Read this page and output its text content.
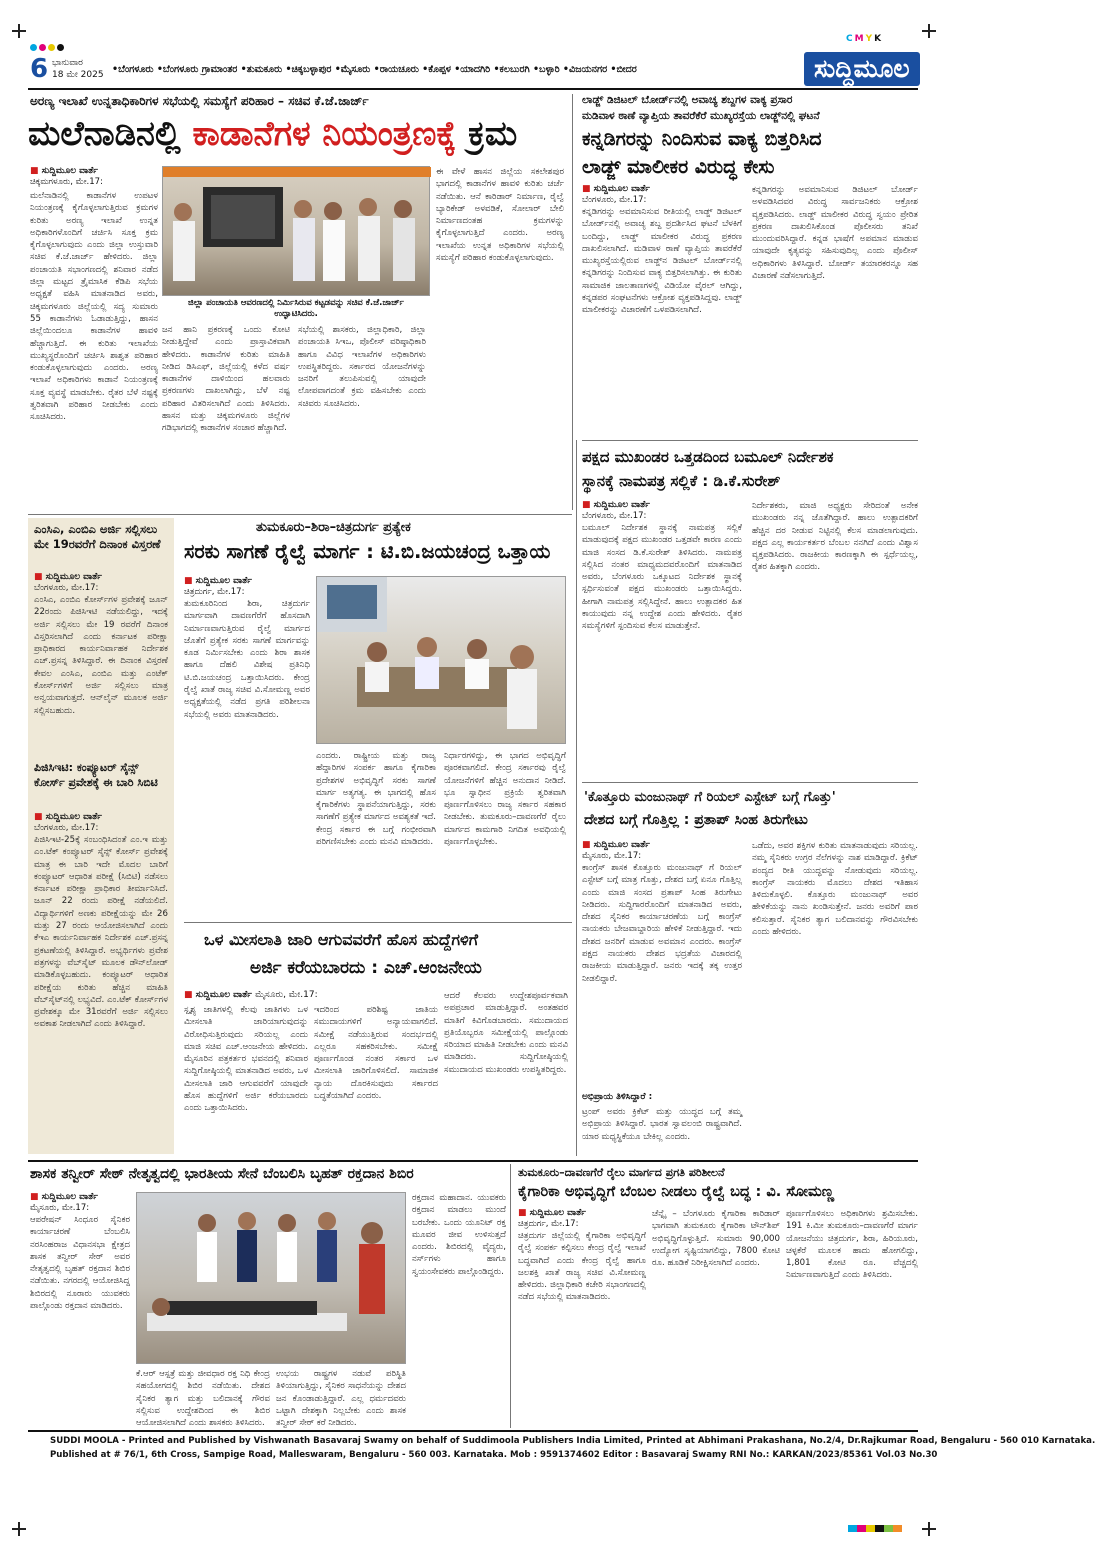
CMYK
6 ಭಾನುವಾರ
18 ಮೇ 2025 •ಬೆಂಗಳೂರು •ಬೆಂಗಳೂರು ಗ್ರಾಮಾಂತರ •ತುಮಕೂರು •ಚಿಕ್ಕಬಳ್ಳಾಪುರ •ಮೈಸೂರು •ರಾಯಚೂರು •ಕೊಪ್ಪಳ •ಯಾದಗಿರಿ •ಕಲಬುರಗಿ •ಬಳ್ಳಾರಿ •ವಿಜಯನಗರ •ಬೀದರ	ಸುದ್ದಿಮೂಲ
ಅರಣ್ಯ ಇಲಾಖೆ ಉನ್ನತಾಧಿಕಾರಿಗಳ ಸಭೆಯಲ್ಲಿ ಸಮಸ್ಯೆಗೆ ಪರಿಹಾರ – ಸಚಿವ ಕೆ.ಜೆ.ಜಾರ್ಜ್
ಮಲೆನಾಡಿನಲ್ಲಿ ಕಾಡಾನೆಗಳ ನಿಯಂತ್ರಣಕ್ಕೆ ಕ್ರಮ
■ ಸುದ್ದಿಮೂಲ ವಾರ್ತೆ
ಚಿಕ್ಕಮಗಳೂರು, ಮೇ.17:
ಮಲೆನಾಡಿನಲ್ಲಿ ಕಾಡಾನೆಗಳ ಉಪಟಳ ನಿಯಂತ್ರಣಕ್ಕೆ ಕೈಗೊಳ್ಳಲಾಗುತ್ತಿರುವ ಕ್ರಮಗಳ ಕುರಿತು ಅರಣ್ಯ ಇಲಾಖೆ ಉನ್ನತ ಅಧಿಕಾರಿಗಳೊಂದಿಗೆ ಚರ್ಚಿಸಿ ಸೂಕ್ತ ಕ್ರಮ ಕೈಗೊಳ್ಳಲಾಗುವುದು ಎಂದು ಜಿಲ್ಲಾ ಉಸ್ತುವಾರಿ ಸಚಿವ ಕೆ.ಜೆ.ಜಾರ್ಜ್ ಹೇಳಿದರು. ಜಿಲ್ಲಾ ಪಂಚಾಯತಿ ಸಭಾಂಗಣದಲ್ಲಿ ಶನಿವಾರ ನಡೆದ ಜಿಲ್ಲಾ ಮಟ್ಟದ ತ್ರೈಮಾಸಿಕ ಕೆಡಿಪಿ ಸಭೆಯ ಅಧ್ಯಕ್ಷತೆ ವಹಿಸಿ ಮಾತನಾಡಿದ ಅವರು, ಚಿಕ್ಕಮಗಳೂರು ಜಿಲ್ಲೆಯಲ್ಲಿ ಸದ್ಯ ಸುಮಾರು 55 ಕಾಡಾನೆಗಳು ಓಡಾಡುತ್ತಿದ್ದು, ಹಾಸನ ಜಿಲ್ಲೆಯಿಂದಲೂ ಕಾಡಾನೆಗಳ ಹಾವಳಿ ಹೆಚ್ಚಾಗುತ್ತಿದೆ. ಈ ಕುರಿತು ಇಲಾಖೆಯ ಮುಖ್ಯಸ್ಥರೊಂದಿಗೆ ಚರ್ಚಿಸಿ ಶಾಶ್ವತ ಪರಿಹಾರ ಕಂಡುಕೊಳ್ಳಲಾಗುವುದು ಎಂದರು. ಅರಣ್ಯ ಇಲಾಖೆ ಅಧಿಕಾರಿಗಳು ಕಾಡಾನೆ ನಿಯಂತ್ರಣಕ್ಕೆ ಸೂಕ್ತ ವ್ಯವಸ್ಥೆ ಮಾಡಬೇಕು. ರೈತರ ಬೆಳೆ ನಷ್ಟಕ್ಕೆ ತ್ವರಿತವಾಗಿ ಪರಿಹಾರ ನೀಡಬೇಕು ಎಂದು ಸೂಚಿಸಿದರು.
ಜಿಲ್ಲಾ ಪಂಚಾಯತಿ ಆವರಣದಲ್ಲಿ ನಿರ್ಮಿಸಿರುವ ಕಟ್ಟಡವನ್ನು ಸಚಿವ ಕೆ.ಜೆ.ಜಾರ್ಜ್ ಉದ್ಘಾಟಿಸಿದರು.
ಜನ ಹಾನಿ ಪ್ರಕರಣಕ್ಕೆ ಒಂದು ಕೋಟಿ ನೀಡುತ್ತಿದ್ದೇವೆ ಎಂದು ಪ್ರಾಸ್ತಾವಿಕವಾಗಿ ಹೇಳಿದರು. ಕಾಡಾನೆಗಳ ಕುರಿತು ಮಾಹಿತಿ ನೀಡಿದ ಡಿಸಿಎಫ್, ಜಿಲ್ಲೆಯಲ್ಲಿ ಕಳೆದ ವರ್ಷ ಕಾಡಾನೆಗಳ ದಾಳಿಯಿಂದ ಹಲವಾರು ಪ್ರಕರಣಗಳು ದಾಖಲಾಗಿದ್ದು, ಬೆಳೆ ನಷ್ಟ ಪರಿಹಾರ ವಿತರಿಸಲಾಗಿದೆ ಎಂದು ತಿಳಿಸಿದರು. ಹಾಸನ ಮತ್ತು ಚಿಕ್ಕಮಗಳೂರು ಜಿಲ್ಲೆಗಳ ಗಡಿಭಾಗದಲ್ಲಿ ಕಾಡಾನೆಗಳ ಸಂಚಾರ ಹೆಚ್ಚಾಗಿದೆ.
ಸಭೆಯಲ್ಲಿ ಶಾಸಕರು, ಜಿಲ್ಲಾಧಿಕಾರಿ, ಜಿಲ್ಲಾ ಪಂಚಾಯತಿ ಸಿಇಒ, ಪೊಲೀಸ್ ವರಿಷ್ಠಾಧಿಕಾರಿ ಹಾಗೂ ವಿವಿಧ ಇಲಾಖೆಗಳ ಅಧಿಕಾರಿಗಳು ಉಪಸ್ಥಿತರಿದ್ದರು. ಸರ್ಕಾರದ ಯೋಜನೆಗಳನ್ನು ಜನರಿಗೆ ತಲುಪಿಸುವಲ್ಲಿ ಯಾವುದೇ ಲೋಪವಾಗದಂತೆ ಕ್ರಮ ವಹಿಸಬೇಕು ಎಂದು ಸಚಿವರು ಸೂಚಿಸಿದರು.
ಈ ವೇಳೆ ಹಾಸನ ಜಿಲ್ಲೆಯ ಸಕಲೇಶಪುರ ಭಾಗದಲ್ಲಿ ಕಾಡಾನೆಗಳ ಹಾವಳಿ ಕುರಿತು ಚರ್ಚೆ ನಡೆಯಿತು. ಆನೆ ಕಾರಿಡಾರ್ ನಿರ್ಮಾಣ, ರೈಲ್ವೆ ಬ್ಯಾರಿಕೇಡ್ ಅಳವಡಿಕೆ, ಸೋಲಾರ್ ಬೇಲಿ ನಿರ್ಮಾಣದಂತಹ ಕ್ರಮಗಳನ್ನು ಕೈಗೊಳ್ಳಲಾಗುತ್ತಿದೆ ಎಂದರು. ಅರಣ್ಯ ಇಲಾಖೆಯ ಉನ್ನತ ಅಧಿಕಾರಿಗಳ ಸಭೆಯಲ್ಲಿ ಸಮಸ್ಯೆಗೆ ಪರಿಹಾರ ಕಂಡುಕೊಳ್ಳಲಾಗುವುದು.
ಲಾಡ್ಜ್ ಡಿಜಿಟಲ್ ಬೋರ್ಡ್‌ನಲ್ಲಿ ಅವಾಚ್ಯ ಶಬ್ದಗಳ ವಾಕ್ಯ ಪ್ರಸಾರ
ಮಡಿವಾಳ ಠಾಣೆ ವ್ಯಾಪ್ತಿಯ ತಾವರೆಕೆರೆ ಮುಖ್ಯರಸ್ತೆಯ ಲಾಡ್ಜ್‌ನಲ್ಲಿ ಘಟನೆ
ಕನ್ನಡಿಗರನ್ನು ನಿಂದಿಸುವ ವಾಕ್ಯ ಬಿತ್ತರಿಸಿದ
ಲಾಡ್ಜ್ ಮಾಲೀಕರ ವಿರುದ್ಧ ಕೇಸು
■ ಸುದ್ದಿಮೂಲ ವಾರ್ತೆ
ಬೆಂಗಳೂರು, ಮೇ.17:
ಕನ್ನಡಿಗರನ್ನು ಅವಮಾನಿಸುವ ರೀತಿಯಲ್ಲಿ ಲಾಡ್ಜ್ ಡಿಜಿಟಲ್ ಬೋರ್ಡ್‌ನಲ್ಲಿ ಅವಾಚ್ಯ ಶಬ್ದ ಪ್ರದರ್ಶಿಸಿದ ಘಟನೆ ಬೆಳಕಿಗೆ ಬಂದಿದ್ದು, ಲಾಡ್ಜ್ ಮಾಲೀಕರ ವಿರುದ್ಧ ಪ್ರಕರಣ ದಾಖಲಿಸಲಾಗಿದೆ. ಮಡಿವಾಳ ಠಾಣೆ ವ್ಯಾಪ್ತಿಯ ತಾವರೆಕೆರೆ ಮುಖ್ಯರಸ್ತೆಯಲ್ಲಿರುವ ಲಾಡ್ಜ್‌ನ ಡಿಜಿಟಲ್ ಬೋರ್ಡ್‌ನಲ್ಲಿ ಕನ್ನಡಿಗರನ್ನು ನಿಂದಿಸುವ ವಾಕ್ಯ ಬಿತ್ತರಿಸಲಾಗಿತ್ತು. ಈ ಕುರಿತು ಸಾಮಾಜಿಕ ಜಾಲತಾಣಗಳಲ್ಲಿ ವಿಡಿಯೋ ವೈರಲ್ ಆಗಿದ್ದು, ಕನ್ನಡಪರ ಸಂಘಟನೆಗಳು ಆಕ್ರೋಶ ವ್ಯಕ್ತಪಡಿಸಿದ್ದವು. ಲಾಡ್ಜ್ ಮಾಲೀಕರನ್ನು ವಿಚಾರಣೆಗೆ ಒಳಪಡಿಸಲಾಗಿದೆ.
ಕನ್ನಡಿಗರನ್ನು ಅವಮಾನಿಸುವ ಡಿಜಿಟಲ್ ಬೋರ್ಡ್ ಅಳವಡಿಸಿದವರ ವಿರುದ್ಧ ಸಾರ್ವಜನಿಕರು ಆಕ್ರೋಶ ವ್ಯಕ್ತಪಡಿಸಿದರು. ಲಾಡ್ಜ್ ಮಾಲೀಕರ ವಿರುದ್ಧ ಸ್ವಯಂ ಪ್ರೇರಿತ ಪ್ರಕರಣ ದಾಖಲಿಸಿಕೊಂಡ ಪೊಲೀಸರು ತನಿಖೆ ಮುಂದುವರಿಸಿದ್ದಾರೆ. ಕನ್ನಡ ಭಾಷೆಗೆ ಅಪಮಾನ ಮಾಡುವ ಯಾವುದೇ ಕೃತ್ಯವನ್ನು ಸಹಿಸುವುದಿಲ್ಲ ಎಂದು ಪೊಲೀಸ್ ಅಧಿಕಾರಿಗಳು ತಿಳಿಸಿದ್ದಾರೆ. ಬೋರ್ಡ್ ತಯಾರಕರನ್ನೂ ಸಹ ವಿಚಾರಣೆ ನಡೆಸಲಾಗುತ್ತಿದೆ.
ಪಕ್ಷದ ಮುಖಂಡರ ಒತ್ತಡದಿಂದ ಬಮೂಲ್ ನಿರ್ದೇಶಕ
ಸ್ಥಾನಕ್ಕೆ ನಾಮಪತ್ರ ಸಲ್ಲಿಕೆ : ಡಿ.ಕೆ.ಸುರೇಶ್
■ ಸುದ್ದಿಮೂಲ ವಾರ್ತೆ
ಬೆಂಗಳೂರು, ಮೇ.17:
ಬಮೂಲ್ ನಿರ್ದೇಶಕ ಸ್ಥಾನಕ್ಕೆ ನಾಮಪತ್ರ ಸಲ್ಲಿಕೆ ಮಾಡುವುದಕ್ಕೆ ಪಕ್ಷದ ಮುಖಂಡರ ಒತ್ತಡವೇ ಕಾರಣ ಎಂದು ಮಾಜಿ ಸಂಸದ ಡಿ.ಕೆ.ಸುರೇಶ್ ತಿಳಿಸಿದರು. ನಾಮಪತ್ರ ಸಲ್ಲಿಸಿದ ನಂತರ ಮಾಧ್ಯಮದವರೊಂದಿಗೆ ಮಾತನಾಡಿದ ಅವರು, ಬೆಂಗಳೂರು ಒಕ್ಕೂಟದ ನಿರ್ದೇಶಕ ಸ್ಥಾನಕ್ಕೆ ಸ್ಪರ್ಧಿಸುವಂತೆ ಪಕ್ಷದ ಮುಖಂಡರು ಒತ್ತಾಯಿಸಿದ್ದರು. ಹೀಗಾಗಿ ನಾಮಪತ್ರ ಸಲ್ಲಿಸಿದ್ದೇನೆ. ಹಾಲು ಉತ್ಪಾದಕರ ಹಿತ ಕಾಯುವುದು ನನ್ನ ಉದ್ದೇಶ ಎಂದು ಹೇಳಿದರು. ರೈತರ ಸಮಸ್ಯೆಗಳಿಗೆ ಸ್ಪಂದಿಸುವ ಕೆಲಸ ಮಾಡುತ್ತೇನೆ.
ನಿರ್ದೇಶಕರು, ಮಾಜಿ ಅಧ್ಯಕ್ಷರು ಸೇರಿದಂತೆ ಅನೇಕ ಮುಖಂಡರು ನನ್ನ ಜೊತೆಗಿದ್ದಾರೆ. ಹಾಲು ಉತ್ಪಾದಕರಿಗೆ ಹೆಚ್ಚಿನ ದರ ನೀಡುವ ನಿಟ್ಟಿನಲ್ಲಿ ಕೆಲಸ ಮಾಡಲಾಗುವುದು. ಪಕ್ಷದ ಎಲ್ಲ ಕಾರ್ಯಕರ್ತರ ಬೆಂಬಲ ನನಗಿದೆ ಎಂದು ವಿಶ್ವಾಸ ವ್ಯಕ್ತಪಡಿಸಿದರು. ರಾಜಕೀಯ ಕಾರಣಕ್ಕಾಗಿ ಈ ಸ್ಪರ್ಧೆಯಲ್ಲ, ರೈತರ ಹಿತಕ್ಕಾಗಿ ಎಂದರು.
'ಕೊತ್ತೂರು ಮಂಜುನಾಥ್ ಗೆ ರಿಯಲ್ ಎಸ್ಟೇಟ್ ಬಗ್ಗೆ ಗೊತ್ತು'
ದೇಶದ ಬಗ್ಗೆ ಗೊತ್ತಿಲ್ಲ : ಪ್ರತಾಪ್ ಸಿಂಹ ತಿರುಗೇಟು
■ ಸುದ್ದಿಮೂಲ ವಾರ್ತೆ
ಮೈಸೂರು, ಮೇ.17:
ಕಾಂಗ್ರೆಸ್ ಶಾಸಕ ಕೊತ್ತೂರು ಮಂಜುನಾಥ್ ಗೆ ರಿಯಲ್ ಎಸ್ಟೇಟ್ ಬಗ್ಗೆ ಮಾತ್ರ ಗೊತ್ತು, ದೇಶದ ಬಗ್ಗೆ ಏನೂ ಗೊತ್ತಿಲ್ಲ ಎಂದು ಮಾಜಿ ಸಂಸದ ಪ್ರತಾಪ್ ಸಿಂಹ ತಿರುಗೇಟು ನೀಡಿದರು. ಸುದ್ದಿಗಾರರೊಂದಿಗೆ ಮಾತನಾಡಿದ ಅವರು, ದೇಶದ ಸೈನಿಕರ ಕಾರ್ಯಾಚರಣೆಯ ಬಗ್ಗೆ ಕಾಂಗ್ರೆಸ್ ನಾಯಕರು ಬೇಜವಾಬ್ದಾರಿಯ ಹೇಳಿಕೆ ನೀಡುತ್ತಿದ್ದಾರೆ. ಇದು ದೇಶದ ಜನರಿಗೆ ಮಾಡುವ ಅವಮಾನ ಎಂದರು. ಕಾಂಗ್ರೆಸ್ ಪಕ್ಷದ ನಾಯಕರು ದೇಶದ ಭದ್ರತೆಯ ವಿಚಾರದಲ್ಲಿ ರಾಜಕೀಯ ಮಾಡುತ್ತಿದ್ದಾರೆ. ಜನರು ಇದಕ್ಕೆ ತಕ್ಕ ಉತ್ತರ ನೀಡಲಿದ್ದಾರೆ.
ಅಭಿಪ್ರಾಯ ತಿಳಿಸಿದ್ದಾರೆ :
ಟ್ರಂಪ್ ಅವರು ಕ್ರಿಕೆಟ್ ಮತ್ತು ಯುದ್ಧದ ಬಗ್ಗೆ ತಮ್ಮ ಅಭಿಪ್ರಾಯ ತಿಳಿಸಿದ್ದಾರೆ. ಭಾರತ ಸ್ವಾವಲಂಬಿ ರಾಷ್ಟ್ರವಾಗಿದೆ. ಯಾರ ಮಧ್ಯಸ್ಥಿಕೆಯೂ ಬೇಕಿಲ್ಲ ಎಂದರು.
ಒಡೆದು, ಅವರ ಶಕ್ತಿಗಳ ಕುರಿತು ಮಾತನಾಡುವುದು ಸರಿಯಲ್ಲ. ನಮ್ಮ ಸೈನಿಕರು ಉಗ್ರರ ನೆಲೆಗಳನ್ನು ನಾಶ ಮಾಡಿದ್ದಾರೆ. ಕ್ರಿಕೆಟ್ ಪಂದ್ಯದ ರೀತಿ ಯುದ್ಧವನ್ನು ನೋಡುವುದು ಸರಿಯಲ್ಲ. ಕಾಂಗ್ರೆಸ್ ನಾಯಕರು ಮೊದಲು ದೇಶದ ಇತಿಹಾಸ ತಿಳಿದುಕೊಳ್ಳಲಿ. ಕೊತ್ತೂರು ಮಂಜುನಾಥ್ ಅವರ ಹೇಳಿಕೆಯನ್ನು ನಾನು ಖಂಡಿಸುತ್ತೇನೆ. ಜನರು ಅವರಿಗೆ ಪಾಠ ಕಲಿಸುತ್ತಾರೆ. ಸೈನಿಕರ ತ್ಯಾಗ ಬಲಿದಾನವನ್ನು ಗೌರವಿಸಬೇಕು ಎಂದು ಹೇಳಿದರು.
ಎಂಸಿಎ, ಎಂಬಿಎ ಅರ್ಜಿ ಸಲ್ಲಿಸಲು ಮೇ 19ರವರೆಗೆ ದಿನಾಂಕ ವಿಸ್ತರಣೆ
■ ಸುದ್ದಿಮೂಲ ವಾರ್ತೆ
ಬೆಂಗಳೂರು, ಮೇ.17:
ಎಂಸಿಎ, ಎಂಬಿಎ ಕೋರ್ಸ್‌ಗಳ ಪ್ರವೇಶಕ್ಕೆ ಜೂನ್ 22ರಂದು ಪಿಜಿಸಿಇಟಿ ನಡೆಯಲಿದ್ದು, ಇದಕ್ಕೆ ಅರ್ಜಿ ಸಲ್ಲಿಸಲು ಮೇ 19 ರವರೆಗೆ ದಿನಾಂಕ ವಿಸ್ತರಿಸಲಾಗಿದೆ ಎಂದು ಕರ್ನಾಟಕ ಪರೀಕ್ಷಾ ಪ್ರಾಧಿಕಾರದ ಕಾರ್ಯನಿರ್ವಾಹಕ ನಿರ್ದೇಶಕ ಎಚ್.ಪ್ರಸನ್ನ ತಿಳಿಸಿದ್ದಾರೆ. ಈ ದಿನಾಂಕ ವಿಸ್ತರಣೆ ಕೇವಲ ಎಂಸಿಎ, ಎಂಬಿಎ ಮತ್ತು ಎಂಟೆಕ್ ಕೋರ್ಸ್‌ಗಳಿಗೆ ಅರ್ಜಿ ಸಲ್ಲಿಸಲು ಮಾತ್ರ ಅನ್ವಯವಾಗುತ್ತದೆ. ಆನ್‌ಲೈನ್ ಮೂಲಕ ಅರ್ಜಿ ಸಲ್ಲಿಸಬಹುದು.
ಪಿಜಿಸಿಇಟಿ: ಕಂಪ್ಯೂಟರ್ ಸೈನ್ಸ್ ಕೋರ್ಸ್ ಪ್ರವೇಶಕ್ಕೆ ಈ ಬಾರಿ ಸಿಬಿಟಿ
■ ಸುದ್ದಿಮೂಲ ವಾರ್ತೆ
ಬೆಂಗಳೂರು, ಮೇ.17:
ಪಿಜಿಸಿಇಟಿ-25ಕ್ಕೆ ಸಂಬಂಧಿಸಿದಂತೆ ಎಂ.ಇ ಮತ್ತು ಎಂ.ಟೆಕ್ ಕಂಪ್ಯೂಟರ್ ಸೈನ್ಸ್ ಕೋರ್ಸ್ ಪ್ರವೇಶಕ್ಕೆ ಮಾತ್ರ ಈ ಬಾರಿ ಇದೇ ಮೊದಲ ಬಾರಿಗೆ ಕಂಪ್ಯೂಟರ್ ಆಧಾರಿತ ಪರೀಕ್ಷೆ (ಸಿಬಿಟಿ) ನಡೆಸಲು ಕರ್ನಾಟಕ ಪರೀಕ್ಷಾ ಪ್ರಾಧಿಕಾರ ತೀರ್ಮಾನಿಸಿದೆ. ಜೂನ್ 22 ರಂದು ಪರೀಕ್ಷೆ ನಡೆಯಲಿದೆ. ವಿದ್ಯಾರ್ಥಿಗಳಿಗೆ ಅಣಕು ಪರೀಕ್ಷೆಯನ್ನು ಮೇ 26 ಮತ್ತು 27 ರಂದು ಆಯೋಜಿಸಲಾಗಿದೆ ಎಂದು ಕೆಇಎ ಕಾರ್ಯನಿರ್ವಾಹಕ ನಿರ್ದೇಶಕ ಎಚ್.ಪ್ರಸನ್ನ ಪ್ರಕಟಣೆಯಲ್ಲಿ ತಿಳಿಸಿದ್ದಾರೆ. ಅಭ್ಯರ್ಥಿಗಳು ಪ್ರವೇಶ ಪತ್ರಗಳನ್ನು ವೆಬ್‌ಸೈಟ್ ಮೂಲಕ ಡೌನ್‌ಲೋಡ್ ಮಾಡಿಕೊಳ್ಳಬಹುದು. ಕಂಪ್ಯೂಟರ್ ಆಧಾರಿತ ಪರೀಕ್ಷೆಯ ಕುರಿತು ಹೆಚ್ಚಿನ ಮಾಹಿತಿ ವೆಬ್‌ಸೈಟ್‌ನಲ್ಲಿ ಲಭ್ಯವಿದೆ. ಎಂ.ಟೆಕ್ ಕೋರ್ಸ್‌ಗಳ ಪ್ರವೇಶಕ್ಕೂ ಮೇ 31ರವರೆಗೆ ಅರ್ಜಿ ಸಲ್ಲಿಸಲು ಅವಕಾಶ ನೀಡಲಾಗಿದೆ ಎಂದು ತಿಳಿಸಿದ್ದಾರೆ.
ತುಮಕೂರು–ಶಿರಾ–ಚಿತ್ರದುರ್ಗ ಪ್ರತ್ಯೇಕ
ಸರಕು ಸಾಗಣೆ ರೈಲ್ವೆ ಮಾರ್ಗ : ಟಿ.ಬಿ.ಜಯಚಂದ್ರ ಒತ್ತಾಯ
■ ಸುದ್ದಿಮೂಲ ವಾರ್ತೆ
ಚಿತ್ರದುರ್ಗ, ಮೇ.17:
ತುಮಕೂರಿನಿಂದ ಶಿರಾ, ಚಿತ್ರದುರ್ಗ ಮಾರ್ಗವಾಗಿ ದಾವಣಗೆರೆಗೆ ಹೊಸದಾಗಿ ನಿರ್ಮಾಣವಾಗುತ್ತಿರುವ ರೈಲ್ವೆ ಮಾರ್ಗದ ಜೊತೆಗೆ ಪ್ರತ್ಯೇಕ ಸರಕು ಸಾಗಣೆ ಮಾರ್ಗವನ್ನು ಕೂಡ ನಿರ್ಮಿಸಬೇಕು ಎಂದು ಶಿರಾ ಶಾಸಕ ಹಾಗೂ ದೆಹಲಿ ವಿಶೇಷ ಪ್ರತಿನಿಧಿ ಟಿ.ಬಿ.ಜಯಚಂದ್ರ ಒತ್ತಾಯಿಸಿದರು. ಕೇಂದ್ರ ರೈಲ್ವೆ ಖಾತೆ ರಾಜ್ಯ ಸಚಿವ ವಿ.ಸೋಮಣ್ಣ ಅವರ ಅಧ್ಯಕ್ಷತೆಯಲ್ಲಿ ನಡೆದ ಪ್ರಗತಿ ಪರಿಶೀಲನಾ ಸಭೆಯಲ್ಲಿ ಅವರು ಮಾತನಾಡಿದರು.
ಎಂದರು. ರಾಷ್ಟ್ರೀಯ ಮತ್ತು ರಾಜ್ಯ ಹೆದ್ದಾರಿಗಳ ಸಂಪರ್ಕ ಹಾಗೂ ಕೈಗಾರಿಕಾ ಪ್ರದೇಶಗಳ ಅಭಿವೃದ್ಧಿಗೆ ಸರಕು ಸಾಗಣೆ ಮಾರ್ಗ ಅತ್ಯಗತ್ಯ. ಈ ಭಾಗದಲ್ಲಿ ಹೊಸ ಕೈಗಾರಿಕೆಗಳು ಸ್ಥಾಪನೆಯಾಗುತ್ತಿದ್ದು, ಸರಕು ಸಾಗಣೆಗೆ ಪ್ರತ್ಯೇಕ ಮಾರ್ಗದ ಅವಶ್ಯಕತೆ ಇದೆ. ಕೇಂದ್ರ ಸರ್ಕಾರ ಈ ಬಗ್ಗೆ ಗಂಭೀರವಾಗಿ ಪರಿಗಣಿಸಬೇಕು ಎಂದು ಮನವಿ ಮಾಡಿದರು.
ನಿರ್ಧಾರಗಳಿದ್ದು, ಈ ಭಾಗದ ಅಭಿವೃದ್ಧಿಗೆ ಪೂರಕವಾಗಲಿದೆ. ಕೇಂದ್ರ ಸರ್ಕಾರವು ರೈಲ್ವೆ ಯೋಜನೆಗಳಿಗೆ ಹೆಚ್ಚಿನ ಅನುದಾನ ನೀಡಿದೆ. ಭೂ ಸ್ವಾಧೀನ ಪ್ರಕ್ರಿಯೆ ತ್ವರಿತವಾಗಿ ಪೂರ್ಣಗೊಳಿಸಲು ರಾಜ್ಯ ಸರ್ಕಾರ ಸಹಕಾರ ನೀಡಬೇಕು. ತುಮಕೂರು–ದಾವಣಗೆರೆ ರೈಲು ಮಾರ್ಗದ ಕಾಮಗಾರಿ ನಿಗದಿತ ಅವಧಿಯಲ್ಲಿ ಪೂರ್ಣಗೊಳ್ಳಬೇಕು.
ಒಳ ಮೀಸಲಾತಿ ಜಾರಿ ಆಗುವವರೆಗೆ ಹೊಸ ಹುದ್ದೆಗಳಿಗೆ
ಅರ್ಜಿ ಕರೆಯಬಾರದು : ಎಚ್.ಆಂಜನೇಯ
■ ಸುದ್ದಿಮೂಲ ವಾರ್ತೆ ಮೈಸೂರು, ಮೇ.17:
ಸ್ಪೃಶ್ಯ ಜಾತಿಗಳಲ್ಲಿ ಕೆಲವು ಜಾತಿಗಳು ಒಳ ಮೀಸಲಾತಿ ಜಾರಿಯಾಗುವುದನ್ನು ವಿರೋಧಿಸುತ್ತಿರುವುದು ಸರಿಯಲ್ಲ ಎಂದು ಮಾಜಿ ಸಚಿವ ಎಚ್.ಆಂಜನೇಯ ಹೇಳಿದರು. ಮೈಸೂರಿನ ಪತ್ರಕರ್ತರ ಭವನದಲ್ಲಿ ಶನಿವಾರ ಸುದ್ದಿಗೋಷ್ಠಿಯಲ್ಲಿ ಮಾತನಾಡಿದ ಅವರು, ಒಳ ಮೀಸಲಾತಿ ಜಾರಿ ಆಗುವವರೆಗೆ ಯಾವುದೇ ಹೊಸ ಹುದ್ದೆಗಳಿಗೆ ಅರ್ಜಿ ಕರೆಯಬಾರದು ಎಂದು ಒತ್ತಾಯಿಸಿದರು.
ಇದರಿಂದ ಪರಿಶಿಷ್ಟ ಜಾತಿಯ ಸಮುದಾಯಗಳಿಗೆ ಅನ್ಯಾಯವಾಗಲಿದೆ. ಸಮೀಕ್ಷೆ ನಡೆಯುತ್ತಿರುವ ಸಂದರ್ಭದಲ್ಲಿ ಎಲ್ಲರೂ ಸಹಕರಿಸಬೇಕು. ಸಮೀಕ್ಷೆ ಪೂರ್ಣಗೊಂಡ ನಂತರ ಸರ್ಕಾರ ಒಳ ಮೀಸಲಾತಿ ಜಾರಿಗೊಳಿಸಲಿದೆ. ಸಾಮಾಜಿಕ ನ್ಯಾಯ ದೊರಕಿಸುವುದು ಸರ್ಕಾರದ ಬದ್ಧತೆಯಾಗಿದೆ ಎಂದರು.
ಆದರೆ ಕೆಲವರು ಉದ್ದೇಶಪೂರ್ವಕವಾಗಿ ಅಪಪ್ರಚಾರ ಮಾಡುತ್ತಿದ್ದಾರೆ. ಅಂತಹವರ ಮಾತಿಗೆ ಕಿವಿಗೊಡಬಾರದು. ಸಮುದಾಯದ ಪ್ರತಿಯೊಬ್ಬರೂ ಸಮೀಕ್ಷೆಯಲ್ಲಿ ಪಾಲ್ಗೊಂಡು ಸರಿಯಾದ ಮಾಹಿತಿ ನೀಡಬೇಕು ಎಂದು ಮನವಿ ಮಾಡಿದರು. ಸುದ್ದಿಗೋಷ್ಠಿಯಲ್ಲಿ ಸಮುದಾಯದ ಮುಖಂಡರು ಉಪಸ್ಥಿತರಿದ್ದರು.
ಶಾಸಕ ತನ್ವೀರ್ ಸೇಠ್ ನೇತೃತ್ವದಲ್ಲಿ ಭಾರತೀಯ ಸೇನೆ ಬೆಂಬಲಿಸಿ ಬೃಹತ್ ರಕ್ತದಾನ ಶಿಬಿರ
■ ಸುದ್ದಿಮೂಲ ವಾರ್ತೆ
ಮೈಸೂರು, ಮೇ.17:
ಆಪರೇಷನ್ ಸಿಂಧೂರ ಸೈನಿಕರ ಕಾರ್ಯಾಚರಣೆ ಬೆಂಬಲಿಸಿ ನರಸಿಂಹರಾಜ ವಿಧಾನಸಭಾ ಕ್ಷೇತ್ರದ ಶಾಸಕ ತನ್ವೀರ್ ಸೇಠ್ ಅವರ ನೇತೃತ್ವದಲ್ಲಿ ಬೃಹತ್ ರಕ್ತದಾನ ಶಿಬಿರ ನಡೆಯಿತು. ನಗರದಲ್ಲಿ ಆಯೋಜಿಸಿದ್ದ ಶಿಬಿರದಲ್ಲಿ ನೂರಾರು ಯುವಕರು ಪಾಲ್ಗೊಂಡು ರಕ್ತದಾನ ಮಾಡಿದರು.
ಕೆ.ಆರ್ ಆಸ್ಪತ್ರೆ ಮತ್ತು ಜೀವಧಾರ ರಕ್ತ ನಿಧಿ ಕೇಂದ್ರ ಸಹಯೋಗದಲ್ಲಿ ಶಿಬಿರ ನಡೆಯಿತು. ದೇಶದ ಸೈನಿಕರ ತ್ಯಾಗ ಮತ್ತು ಬಲಿದಾನಕ್ಕೆ ಗೌರವ ಸಲ್ಲಿಸುವ ಉದ್ದೇಶದಿಂದ ಈ ಶಿಬಿರ ಆಯೋಜಿಸಲಾಗಿದೆ ಎಂದು ಶಾಸಕರು ತಿಳಿಸಿದರು.
ರಕ್ತದಾನ ಮಹಾದಾನ. ಯುವಕರು ರಕ್ತದಾನ ಮಾಡಲು ಮುಂದೆ ಬರಬೇಕು. ಒಂದು ಯೂನಿಟ್ ರಕ್ತ ಮೂವರ ಜೀವ ಉಳಿಸುತ್ತದೆ ಎಂದರು. ಶಿಬಿರದಲ್ಲಿ ವೈದ್ಯರು, ನರ್ಸ್‌ಗಳು ಹಾಗೂ ಸ್ವಯಂಸೇವಕರು ಪಾಲ್ಗೊಂಡಿದ್ದರು.
ಉಭಯ ರಾಷ್ಟ್ರಗಳ ನಡುವೆ ಪರಿಸ್ಥಿತಿ ತಿಳಿಯಾಗುತ್ತಿದ್ದು, ಸೈನಿಕರ ಸಾಧನೆಯನ್ನು ದೇಶದ ಜನ ಕೊಂಡಾಡುತ್ತಿದ್ದಾರೆ. ಎಲ್ಲ ಧರ್ಮದವರು ಒಟ್ಟಾಗಿ ದೇಶಕ್ಕಾಗಿ ನಿಲ್ಲಬೇಕು ಎಂದು ಶಾಸಕ ತನ್ವೀರ್ ಸೇಠ್ ಕರೆ ನೀಡಿದರು.
ತುಮಕೂರು–ದಾವಣಗೆರೆ ರೈಲು ಮಾರ್ಗದ ಪ್ರಗತಿ ಪರಿಶೀಲನೆ
ಕೈಗಾರಿಕಾ ಅಭಿವೃದ್ಧಿಗೆ ಬೆಂಬಲ ನೀಡಲು ರೈಲ್ವೆ ಬದ್ಧ : ವಿ. ಸೋಮಣ್ಣ
■ ಸುದ್ದಿಮೂಲ ವಾರ್ತೆ
ಚಿತ್ರದುರ್ಗ, ಮೇ.17:
ಚಿತ್ರದುರ್ಗ ಜಿಲ್ಲೆಯಲ್ಲಿ ಕೈಗಾರಿಕಾ ಅಭಿವೃದ್ಧಿಗೆ ರೈಲ್ವೆ ಸಂಪರ್ಕ ಕಲ್ಪಿಸಲು ಕೇಂದ್ರ ರೈಲ್ವೆ ಇಲಾಖೆ ಬದ್ಧವಾಗಿದೆ ಎಂದು ಕೇಂದ್ರ ರೈಲ್ವೆ ಹಾಗೂ ಜಲಶಕ್ತಿ ಖಾತೆ ರಾಜ್ಯ ಸಚಿವ ವಿ.ಸೋಮಣ್ಣ ಹೇಳಿದರು. ಜಿಲ್ಲಾಧಿಕಾರಿ ಕಚೇರಿ ಸಭಾಂಗಣದಲ್ಲಿ ನಡೆದ ಸಭೆಯಲ್ಲಿ ಮಾತನಾಡಿದರು.
ಚೆನ್ನೈ – ಬೆಂಗಳೂರು ಕೈಗಾರಿಕಾ ಕಾರಿಡಾರ್ ಭಾಗವಾಗಿ ತುಮಕೂರು ಕೈಗಾರಿಕಾ ಟೌನ್‌ಶಿಪ್ ಅಭಿವೃದ್ಧಿಗೊಳ್ಳುತ್ತಿದೆ. ಸುಮಾರು 90,000 ಉದ್ಯೋಗ ಸೃಷ್ಟಿಯಾಗಲಿದ್ದು, 7800 ಕೋಟಿ ರೂ. ಹೂಡಿಕೆ ನಿರೀಕ್ಷಿಸಲಾಗಿದೆ ಎಂದರು.
ಪೂರ್ಣಗೊಳಿಸಲು ಅಧಿಕಾರಿಗಳು ಶ್ರಮಿಸಬೇಕು. 191 ಕಿ.ಮೀ ತುಮಕೂರು–ದಾವಣಗೆರೆ ಮಾರ್ಗ ಯೋಜನೆಯು ಚಿತ್ರದುರ್ಗ, ಶಿರಾ, ಹಿರಿಯೂರು, ಚಳ್ಳಕೆರೆ ಮೂಲಕ ಹಾದು ಹೋಗಲಿದ್ದು, 1,801 ಕೋಟಿ ರೂ. ವೆಚ್ಚದಲ್ಲಿ ನಿರ್ಮಾಣವಾಗುತ್ತಿದೆ ಎಂದು ತಿಳಿಸಿದರು.
SUDDI MOOLA - Printed and Published by Vishwanath Basavaraj Swamy on behalf of Suddimoola Publishers India Limited, Printed at Abhimani Prakashana, No.2/4, Dr.Rajkumar Road, Bengaluru - 560 010 Karnataka.
Published at # 76/1, 6th Cross, Sampige Road, Malleswaram, Bengaluru - 560 003. Karnataka. Mob : 9591374602 Editor : Basavaraj Swamy RNI No.: KARKAN/2023/85361 Vol.03 No.30
